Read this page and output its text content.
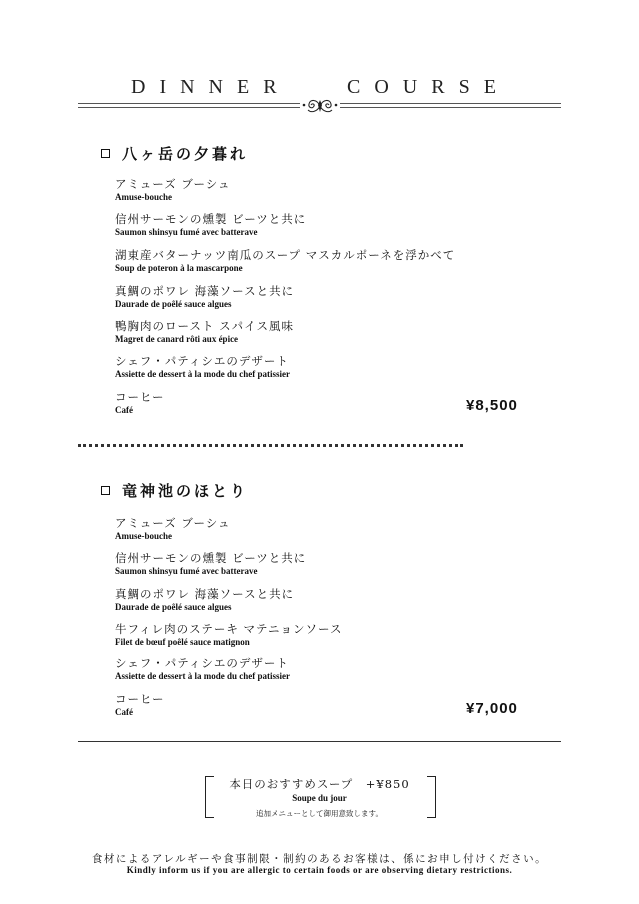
DINNER	COURSE
八ヶ岳の夕暮れ
アミューズ ブーシュ
Amuse-bouche
信州サーモンの燻製 ビーツと共に
Saumon shinsyu fumé avec batterave
湖東産バターナッツ南瓜のスープ マスカルポーネを浮かべて
Soup de poteron à la mascarpone
真鯛のポワレ 海藻ソースと共に
Daurade de poêlé sauce algues
鴨胸肉のロースト スパイス風味
Magret de canard rôti aux épice
シェフ・パティシエのデザート
Assiette de dessert à la mode du chef patissier
コーヒー
Café	¥8,500
竜神池のほとり
アミューズ ブーシュ
Amuse-bouche
信州サーモンの燻製 ビーツと共に
Saumon shinsyu fumé avec batterave
真鯛のポワレ 海藻ソースと共に
Daurade de poêlé sauce algues
牛フィレ肉のステーキ マテニョンソース
Filet de bœuf poêlé sauce matignon
シェフ・パティシエのデザート
Assiette de dessert à la mode du chef patissier
コーヒー
Café	¥7,000
本日のおすすめスープ　+¥850
Soupe du jour
追加メニューとして御用意致します。
食材によるアレルギーや食事制限・制約のあるお客様は、係にお申し付けください。
Kindly inform us if you are allergic to certain foods or are observing dietary restrictions.
